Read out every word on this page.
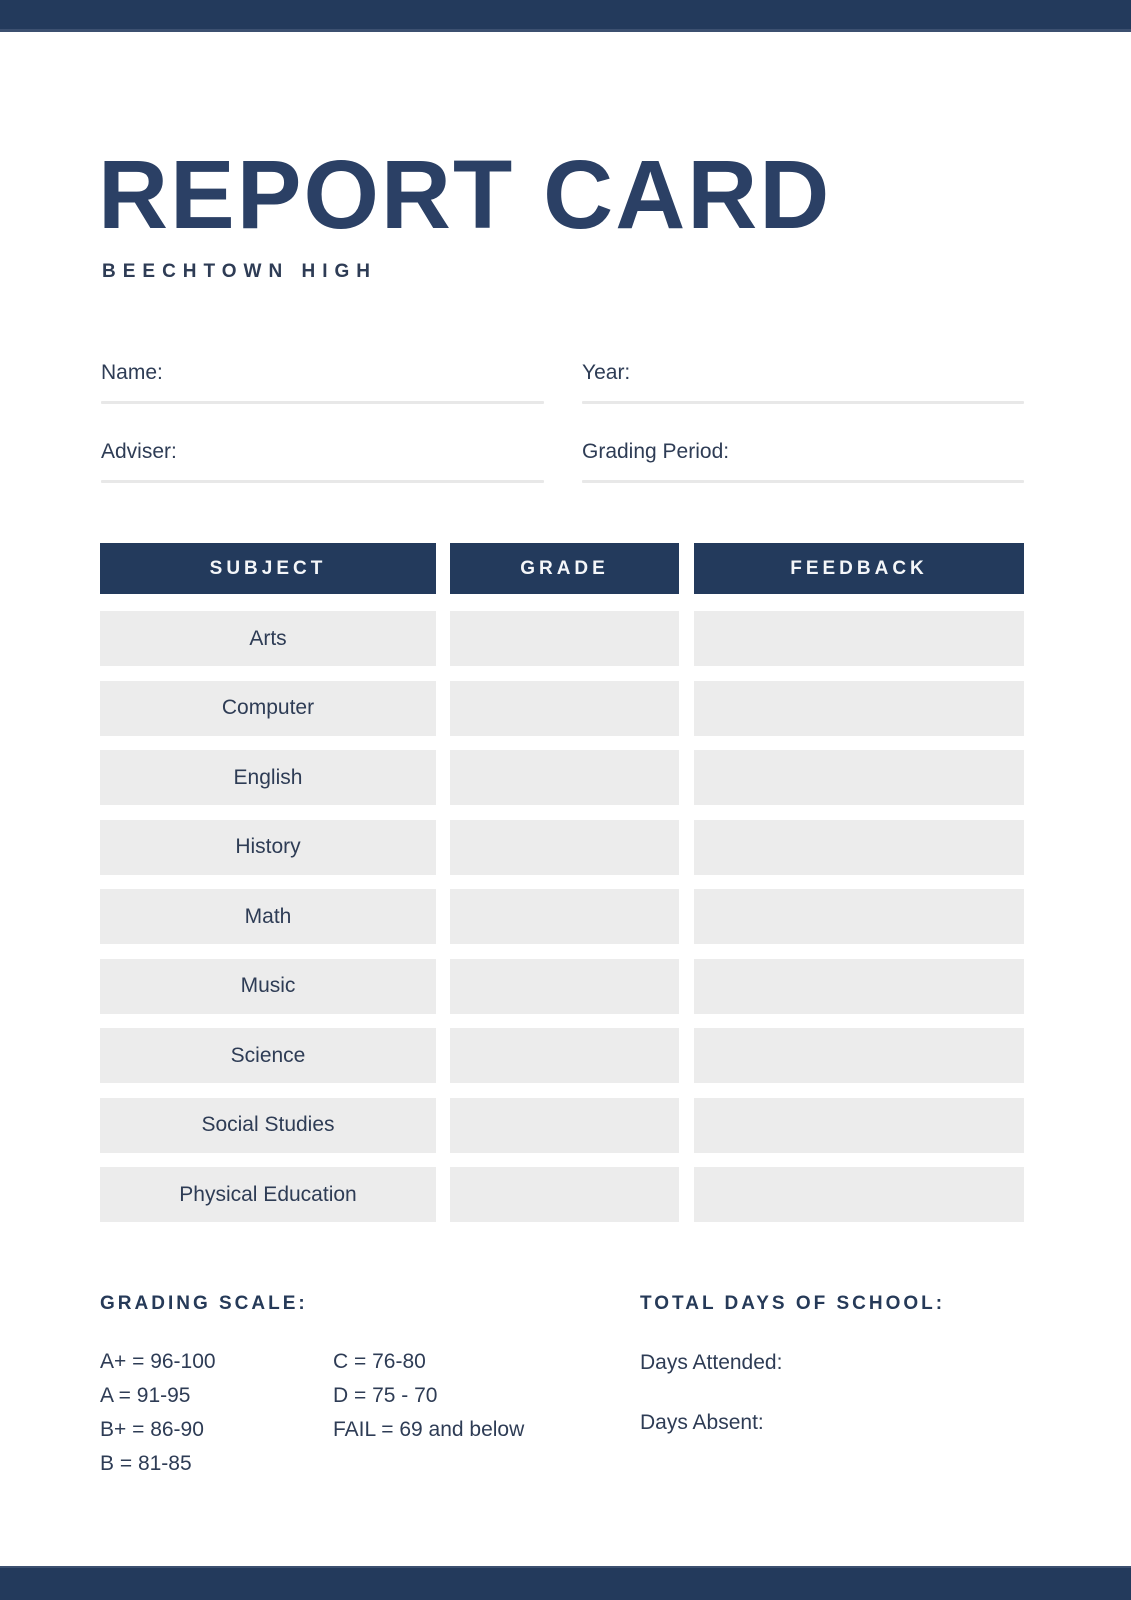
REPORT CARD
BEECHTOWN HIGH
Name:	Year:
Adviser:	Grading Period:
SUBJECT	GRADE	FEEDBACK
Arts
Computer
English
History
Math
Music
Science
Social Studies
Physical Education
GRADING SCALE:
A+ = 96-100
A = 91-95
B+ = 86-90
B = 81-85
C = 76-80
D = 75 - 70
FAIL = 69 and below
TOTAL DAYS OF SCHOOL:
Days Attended:
Days Absent:
